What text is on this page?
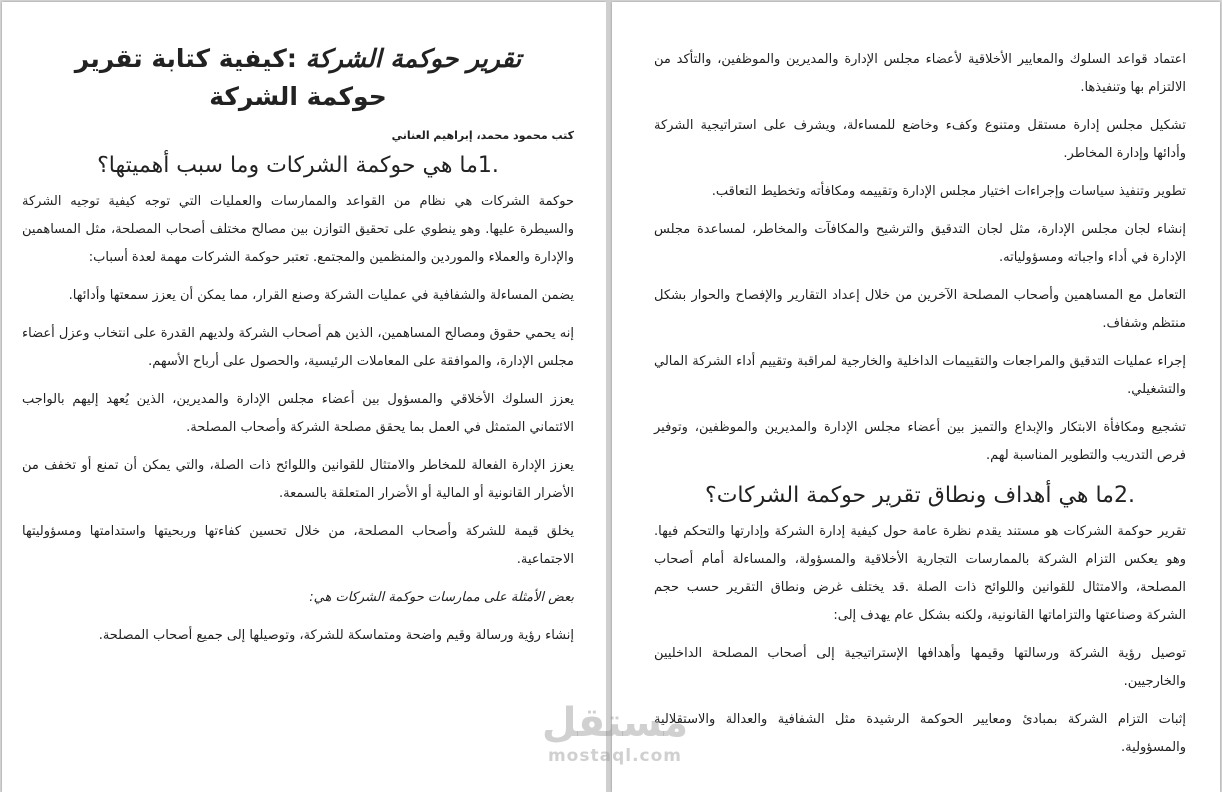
تقرير حوكمة الشركة :كيفية كتابة تقرير حوكمة الشركة
كتب محمود محمد، إبراهيم العناني
.1ما هي حوكمة الشركات وما سبب أهميتها؟

حوكمة الشركات هي نظام من القواعد والممارسات والعمليات التي توجه كيفية توجيه الشركة والسيطرة عليها. وهو ينطوي على تحقيق التوازن بين مصالح مختلف أصحاب المصلحة، مثل المساهمين والإدارة والعملاء والموردين والمنظمين والمجتمع. تعتبر حوكمة الشركات مهمة لعدة أسباب:

يضمن المساءلة والشفافية في عمليات الشركة وصنع القرار، مما يمكن أن يعزز سمعتها وأدائها.

إنه يحمي حقوق ومصالح المساهمين، الذين هم أصحاب الشركة ولديهم القدرة على انتخاب وعزل أعضاء مجلس الإدارة، والموافقة على المعاملات الرئيسية، والحصول على أرباح الأسهم.

يعزز السلوك الأخلاقي والمسؤول بين أعضاء مجلس الإدارة والمديرين، الذين يُعهد إليهم بالواجب الائتماني المتمثل في العمل بما يحقق مصلحة الشركة وأصحاب المصلحة.

يعزز الإدارة الفعالة للمخاطر والامتثال للقوانين واللوائح ذات الصلة، والتي يمكن أن تمنع أو تخفف من الأضرار القانونية أو المالية أو الأضرار المتعلقة بالسمعة.

يخلق قيمة للشركة وأصحاب المصلحة، من خلال تحسين كفاءتها وربحيتها واستدامتها ومسؤوليتها الاجتماعية.

بعض الأمثلة على ممارسات حوكمة الشركات هي:

إنشاء رؤية ورسالة وقيم واضحة ومتماسكة للشركة، وتوصيلها إلى جميع أصحاب المصلحة.

اعتماد قواعد السلوك والمعايير الأخلاقية لأعضاء مجلس الإدارة والمديرين والموظفين، والتأكد من الالتزام بها وتنفيذها.

تشكيل مجلس إدارة مستقل ومتنوع وكفء وخاضع للمساءلة، ويشرف على استراتيجية الشركة وأدائها وإدارة المخاطر.

تطوير وتنفيذ سياسات وإجراءات اختيار مجلس الإدارة وتقييمه ومكافأته وتخطيط التعاقب.

إنشاء لجان مجلس الإدارة، مثل لجان التدقيق والترشيح والمكافآت والمخاطر، لمساعدة مجلس الإدارة في أداء واجباته ومسؤولياته.

التعامل مع المساهمين وأصحاب المصلحة الآخرين من خلال إعداد التقارير والإفصاح والحوار بشكل منتظم وشفاف.

إجراء عمليات التدقيق والمراجعات والتقييمات الداخلية والخارجية لمراقبة وتقييم أداء الشركة المالي والتشغيلي.

تشجيع ومكافأة الابتكار والإبداع والتميز بين أعضاء مجلس الإدارة والمديرين والموظفين، وتوفير فرص التدريب والتطوير المناسبة لهم.

.2ما هي أهداف ونطاق تقرير حوكمة الشركات؟

تقرير حوكمة الشركات هو مستند يقدم نظرة عامة حول كيفية إدارة الشركة وإدارتها والتحكم فيها. وهو يعكس التزام الشركة بالممارسات التجارية الأخلاقية والمسؤولة، والمساءلة أمام أصحاب المصلحة، والامتثال للقوانين واللوائح ذات الصلة .قد يختلف غرض ونطاق التقرير حسب حجم الشركة وصناعتها والتزاماتها القانونية، ولكنه بشكل عام يهدف إلى:

توصيل رؤية الشركة ورسالتها وقيمها وأهدافها الإستراتيجية إلى أصحاب المصلحة الداخليين والخارجيين.

إثبات التزام الشركة بمبادئ ومعايير الحوكمة الرشيدة مثل الشفافية والعدالة والاستقلالية والمسؤولية.

مستقل
mostaql.com
